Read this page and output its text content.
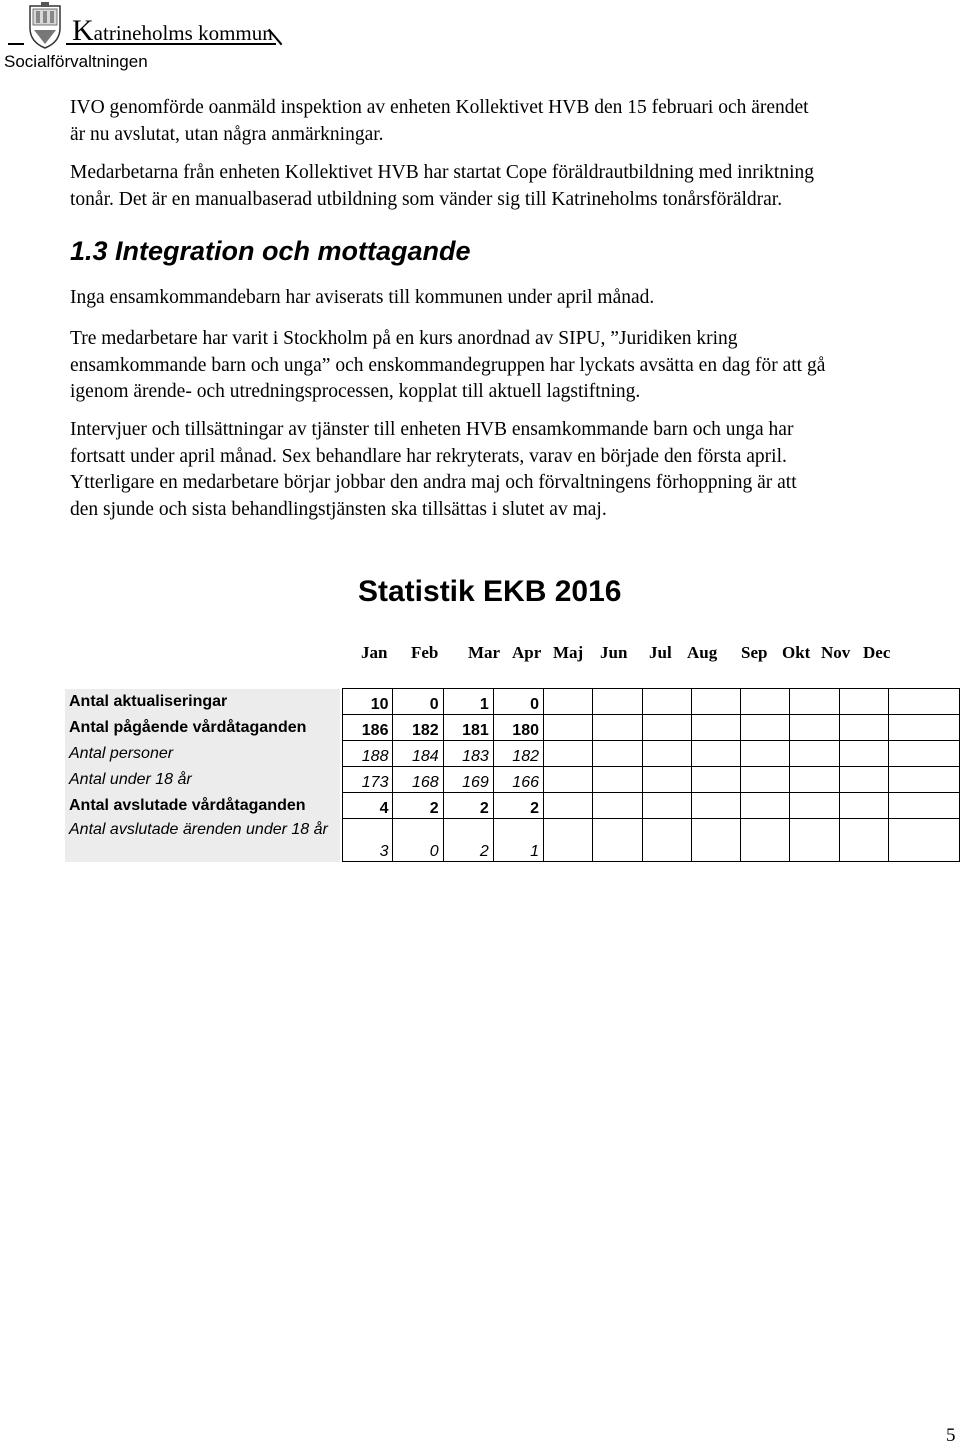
Katrineholms kommun
Socialförvaltningen
IVO genomförde oanmäld inspektion av enheten Kollektivet HVB den 15 februari och ärendet
är nu avslutat, utan några anmärkningar.
Medarbetarna från enheten Kollektivet HVB har startat Cope föräldrautbildning med inriktning
tonår. Det är en manualbaserad utbildning som vänder sig till Katrineholms tonårsföräldrar.
1.3 Integration och mottagande
Inga ensamkommandebarn har aviserats till kommunen under april månad.
Tre medarbetare har varit i Stockholm på en kurs anordnad av SIPU, ”Juridiken kring
ensamkommande barn och unga” och enskommandegruppen har lyckats avsätta en dag för att gå
igenom ärende- och utredningsprocessen, kopplat till aktuell lagstiftning.
Intervjuer och tillsättningar av tjänster till enheten HVB ensamkommande barn och unga har
fortsatt under april månad. Sex behandlare har rekryterats, varav en började den första april.
Ytterligare en medarbetare börjar jobbar den andra maj och förvaltningens förhoppning är att
den sjunde och sista behandlingstjänsten ska tillsättas i slutet av maj.
Statistik EKB 2016
Jan Feb Mar Apr Maj Jun Jul Aug Sep Okt Nov Dec
Antal aktualiseringar		10	0	1	0								
Antal pågående vårdåtaganden		186	182	181	180								
Antal personer		188	184	183	182								
Antal under 18 år		173	168	169	166								
Antal avslutade vårdåtaganden		4	2	2	2								
Antal avslutade ärenden under 18 år		3	0	2	1								
5
